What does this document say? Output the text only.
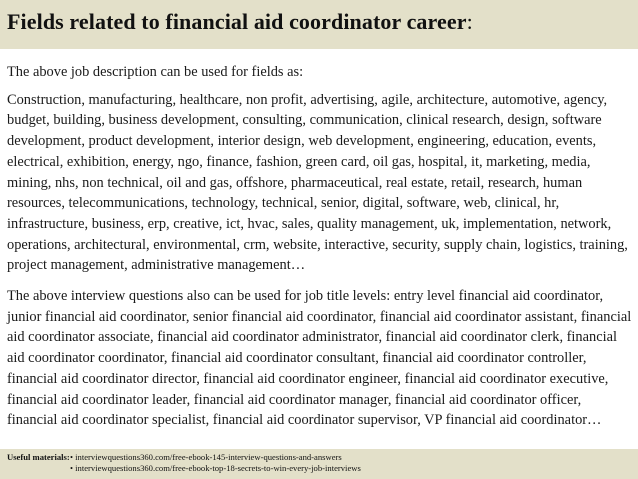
Fields related to financial aid coordinator career:

The above job description can be used for fields as:

Construction, manufacturing, healthcare, non profit, advertising, agile, architecture, automotive, agency, budget, building, business development, consulting, communication, clinical research, design, software development, product development, interior design, web development, engineering, education, events, electrical, exhibition, energy, ngo, finance, fashion, green card, oil gas, hospital, it, marketing, media, mining, nhs, non technical, oil and gas, offshore, pharmaceutical, real estate, retail, research, human resources, telecommunications, technology, technical, senior, digital, software, web, clinical, hr, infrastructure, business, erp, creative, ict, hvac, sales, quality management, uk, implementation, network, operations, architectural, environmental, crm, website, interactive, security, supply chain, logistics, training, project management, administrative management…

The above interview questions also can be used for job title levels: entry level financial aid coordinator, junior financial aid coordinator, senior financial aid coordinator, financial aid coordinator assistant, financial aid coordinator associate, financial aid coordinator administrator, financial aid coordinator clerk, financial aid coordinator coordinator, financial aid coordinator consultant, financial aid coordinator controller, financial aid coordinator director, financial aid coordinator engineer, financial aid coordinator executive, financial aid coordinator leader, financial aid coordinator manager, financial aid coordinator officer, financial aid coordinator specialist, financial aid coordinator supervisor, VP financial aid coordinator…

Useful materials: • interviewquestions360.com/free-ebook-145-interview-questions-and-answers
• interviewquestions360.com/free-ebook-top-18-secrets-to-win-every-job-interviews
